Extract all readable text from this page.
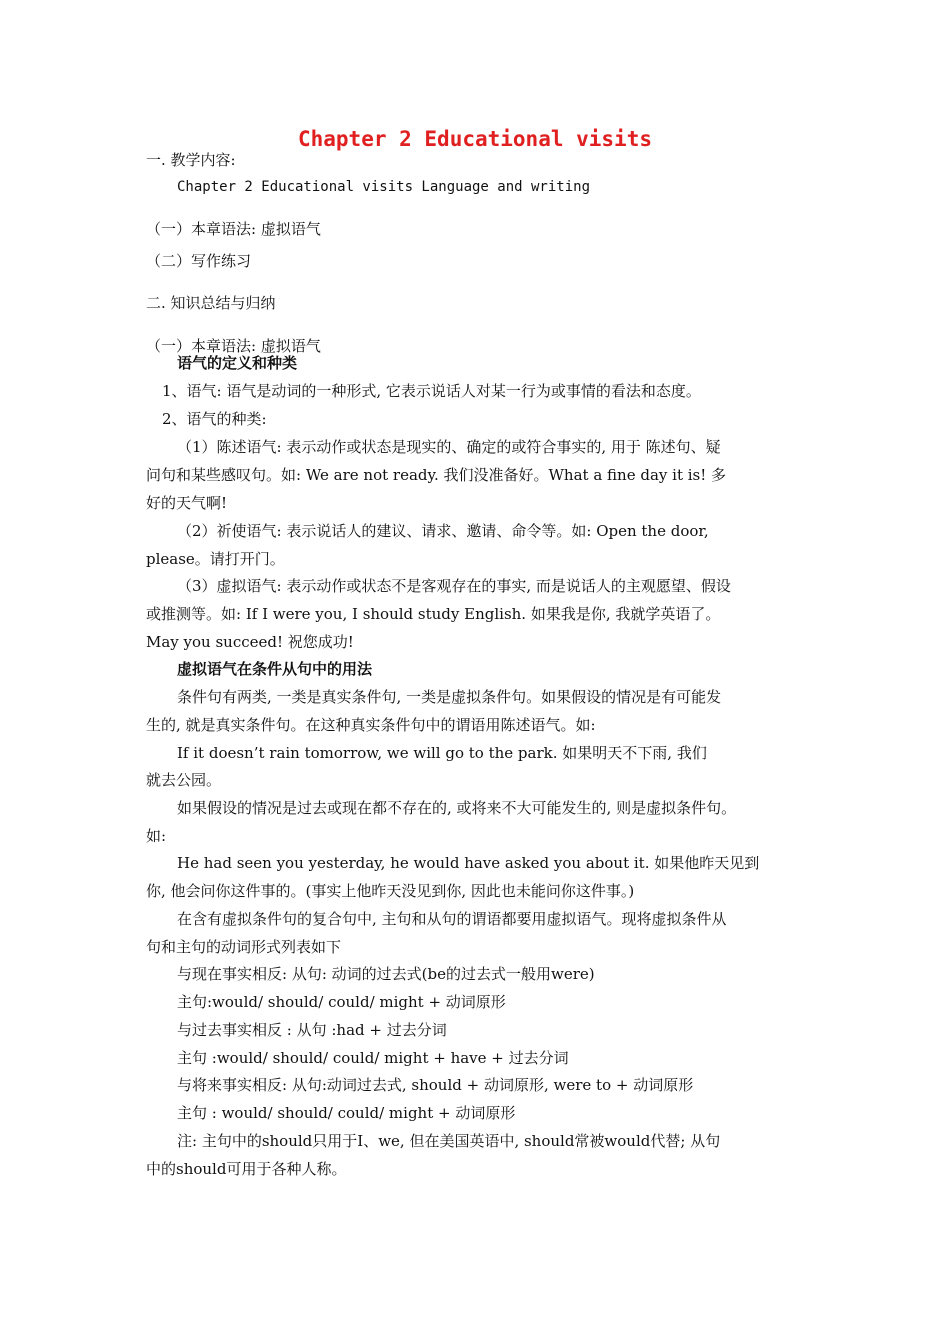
Chapter 2 Educational visits
一. 教学内容:
Chapter 2 Educational visits Language and writing
（一）本章语法: 虚拟语气
（二）写作练习
二. 知识总结与归纳
（一）本章语法: 虚拟语气
语气的定义和种类
1、语气: 语气是动词的一种形式, 它表示说话人对某一行为或事情的看法和态度。
2、语气的种类:
（1）陈述语气: 表示动作或状态是现实的、确定的或符合事实的, 用于 陈述句、疑
问句和某些感叹句。如: We are not ready. 我们没准备好。What a fine day it is! 多
好的天气啊!
（2）祈使语气: 表示说话人的建议、请求、邀请、命令等。如: Open the door,
please。请打开门。
（3）虚拟语气: 表示动作或状态不是客观存在的事实, 而是说话人的主观愿望、假设
或推测等。如: If I were you, I should study English. 如果我是你, 我就学英语了。
May you succeed! 祝您成功!
虚拟语气在条件从句中的用法
条件句有两类, 一类是真实条件句, 一类是虚拟条件句。如果假设的情况是有可能发
生的, 就是真实条件句。在这种真实条件句中的谓语用陈述语气。如:
If it doesn’t rain tomorrow, we will go to the park. 如果明天不下雨, 我们
就去公园。
如果假设的情况是过去或现在都不存在的, 或将来不大可能发生的, 则是虚拟条件句。
如:
He had seen you yesterday, he would have asked you about it. 如果他昨天见到
你, 他会问你这件事的。(事实上他昨天没见到你, 因此也未能问你这件事。)
在含有虚拟条件句的复合句中, 主句和从句的谓语都要用虚拟语气。现将虚拟条件从
句和主句的动词形式列表如下
与现在事实相反: 从句: 动词的过去式(be的过去式一般用were)
主句:would/ should/ could/ might + 动词原形
与过去事实相反 : 从句 :had + 过去分词
主句 :would/ should/ could/ might + have + 过去分词
与将来事实相反: 从句:动词过去式, should + 动词原形, were to + 动词原形
主句 : would/ should/ could/ might + 动词原形
注: 主句中的should只用于I、we, 但在美国英语中, should常被would代替; 从句
中的should可用于各种人称。
